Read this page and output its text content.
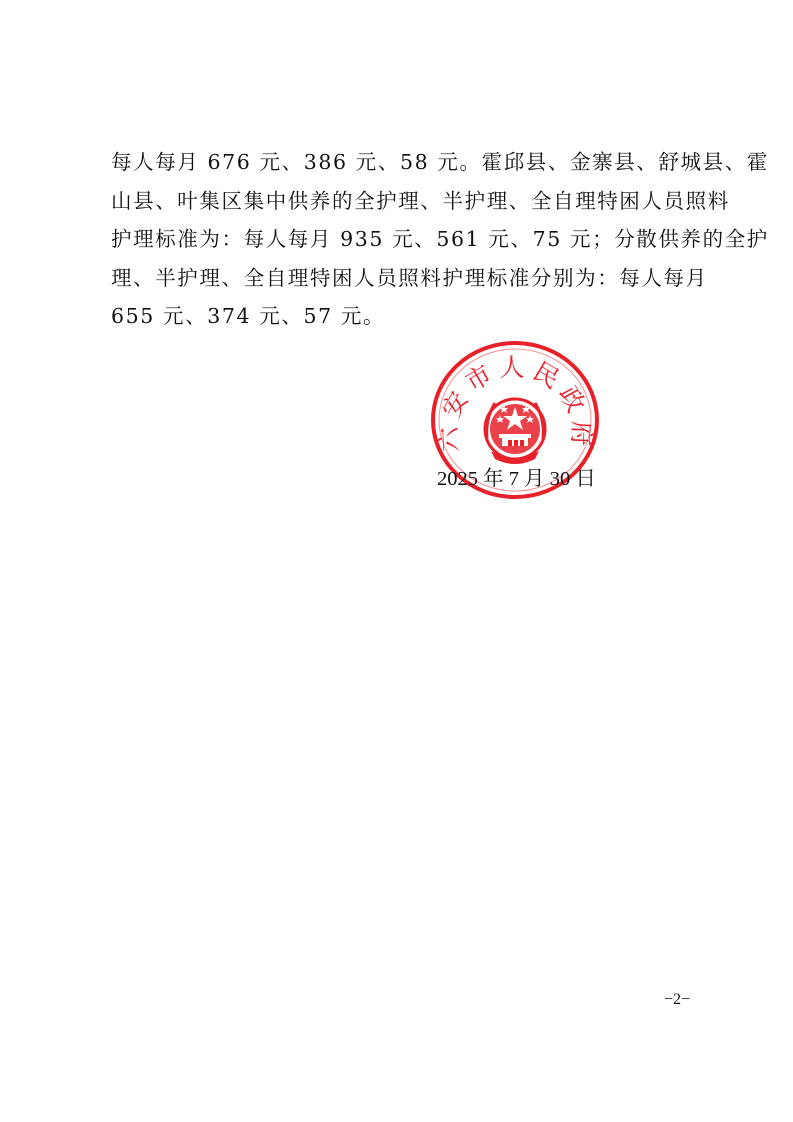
每人每月 676 元、386 元、58 元。霍邱县、金寨县、舒城县、霍
山县、叶集区集中供养的全护理、半护理、全自理特困人员照料
护理标准为：每人每月 935 元、561 元、75 元；分散供养的全护
理、半护理、全自理特困人员照料护理标准分别为：每人每月
655 元、374 元、57 元。
六安市人民政府
2025 年 7 月 30 日
−2−
